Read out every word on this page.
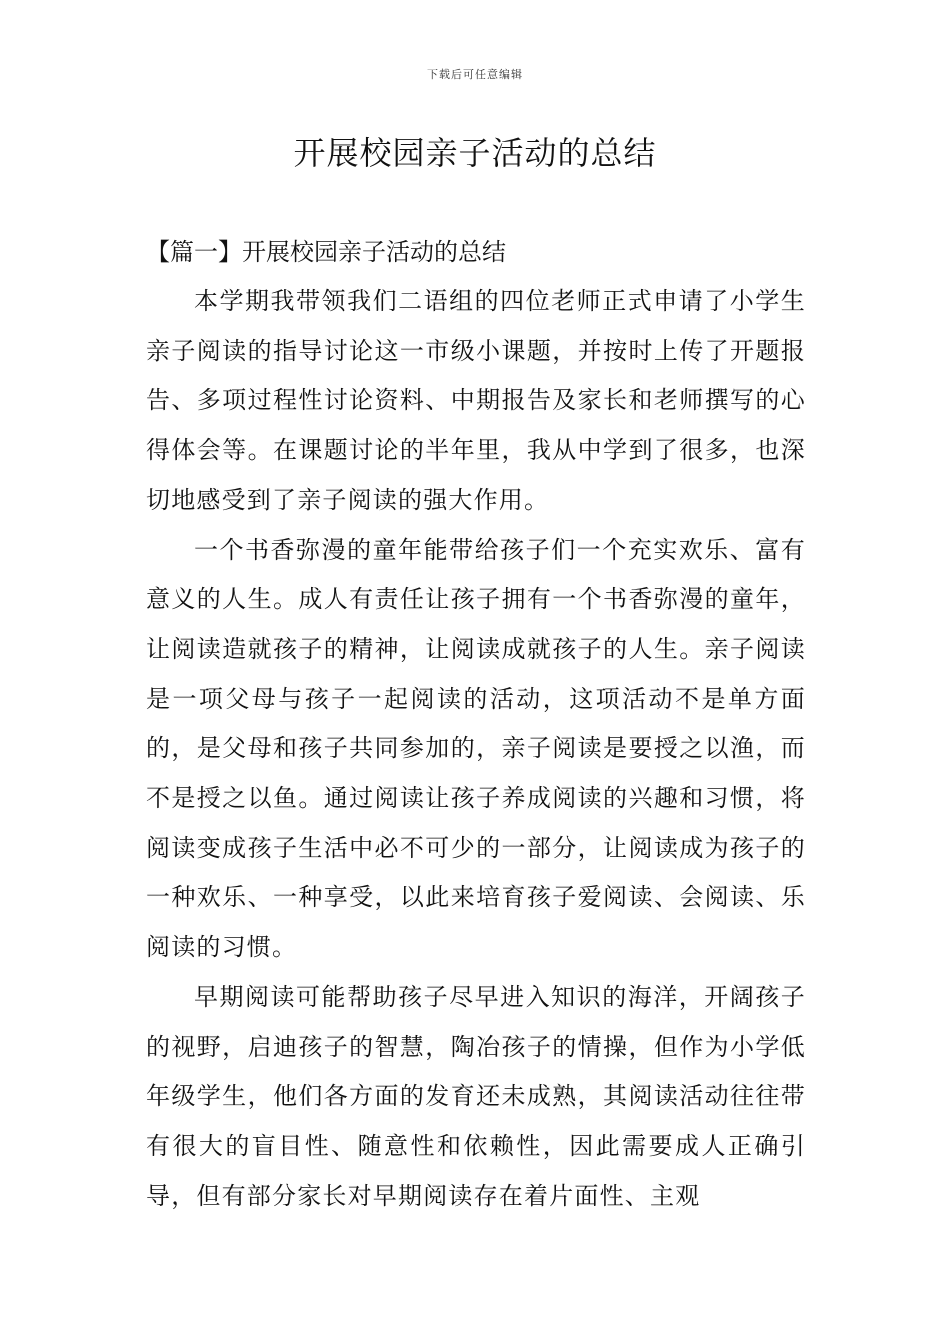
下载后可任意编辑
开展校园亲子活动的总结

【篇一】开展校园亲子活动的总结

本学期我带领我们二语组的四位老师正式申请了小学生亲子阅读的指导讨论这一市级小课题，并按时上传了开题报告、多项过程性讨论资料、中期报告及家长和老师撰写的心得体会等。在课题讨论的半年里，我从中学到了很多，也深切地感受到了亲子阅读的强大作用。

一个书香弥漫的童年能带给孩子们一个充实欢乐、富有意义的人生。成人有责任让孩子拥有一个书香弥漫的童年，让阅读造就孩子的精神，让阅读成就孩子的人生。亲子阅读是一项父母与孩子一起阅读的活动，这项活动不是单方面的，是父母和孩子共同参加的，亲子阅读是要授之以渔，而不是授之以鱼。通过阅读让孩子养成阅读的兴趣和习惯，将阅读变成孩子生活中必不可少的一部分，让阅读成为孩子的一种欢乐、一种享受，以此来培育孩子爱阅读、会阅读、乐阅读的习惯。

早期阅读可能帮助孩子尽早进入知识的海洋，开阔孩子的视野，启迪孩子的智慧，陶冶孩子的情操，但作为小学低年级学生，他们各方面的发育还未成熟，其阅读活动往往带有很大的盲目性、随意性和依赖性，因此需要成人正确引导，但有部分家长对早期阅读存在着片面性、主观
